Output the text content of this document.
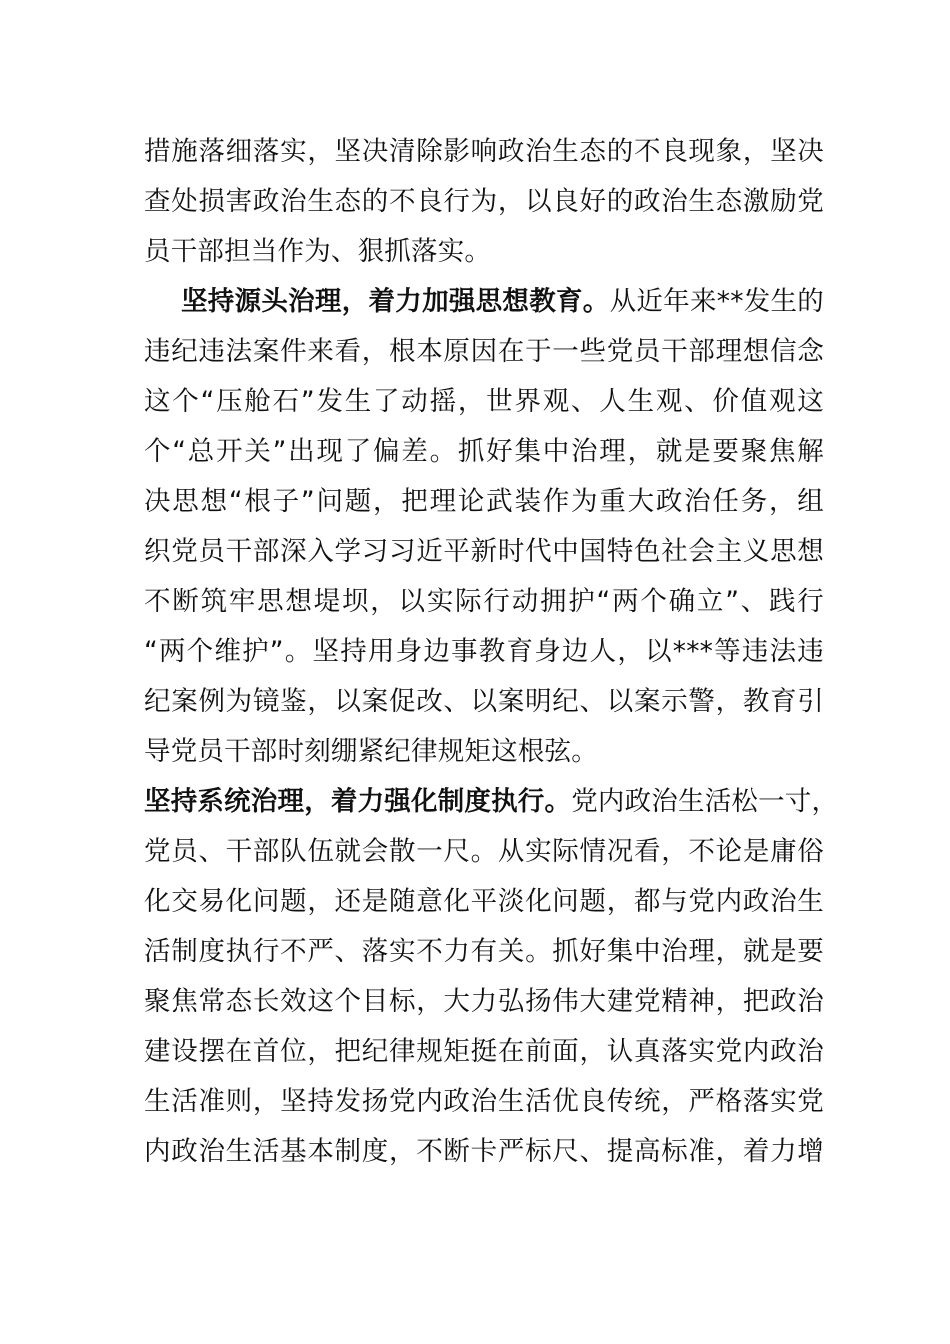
措施落细落实，坚决清除影响政治生态的不良现象，坚决
查处损害政治生态的不良行为，以良好的政治生态激励党
员干部担当作为、狠抓落实。
坚持源头治理，着力加强思想教育。从近年来**发生的
违纪违法案件来看，根本原因在于一些党员干部理想信念
这个“压舱石”发生了动摇，世界观、人生观、价值观这
个“总开关”出现了偏差。抓好集中治理，就是要聚焦解
决思想“根子”问题，把理论武装作为重大政治任务，组
织党员干部深入学习习近平新时代中国特色社会主义思想
不断筑牢思想堤坝，以实际行动拥护“两个确立”、践行
“两个维护”。坚持用身边事教育身边人，以***等违法违
纪案例为镜鉴，以案促改、以案明纪、以案示警，教育引
导党员干部时刻绷紧纪律规矩这根弦。
坚持系统治理，着力强化制度执行。党内政治生活松一寸，
党员、干部队伍就会散一尺。从实际情况看，不论是庸俗
化交易化问题，还是随意化平淡化问题，都与党内政治生
活制度执行不严、落实不力有关。抓好集中治理，就是要
聚焦常态长效这个目标，大力弘扬伟大建党精神，把政治
建设摆在首位，把纪律规矩挺在前面，认真落实党内政治
生活准则，坚持发扬党内政治生活优良传统，严格落实党
内政治生活基本制度，不断卡严标尺、提高标准，着力增
